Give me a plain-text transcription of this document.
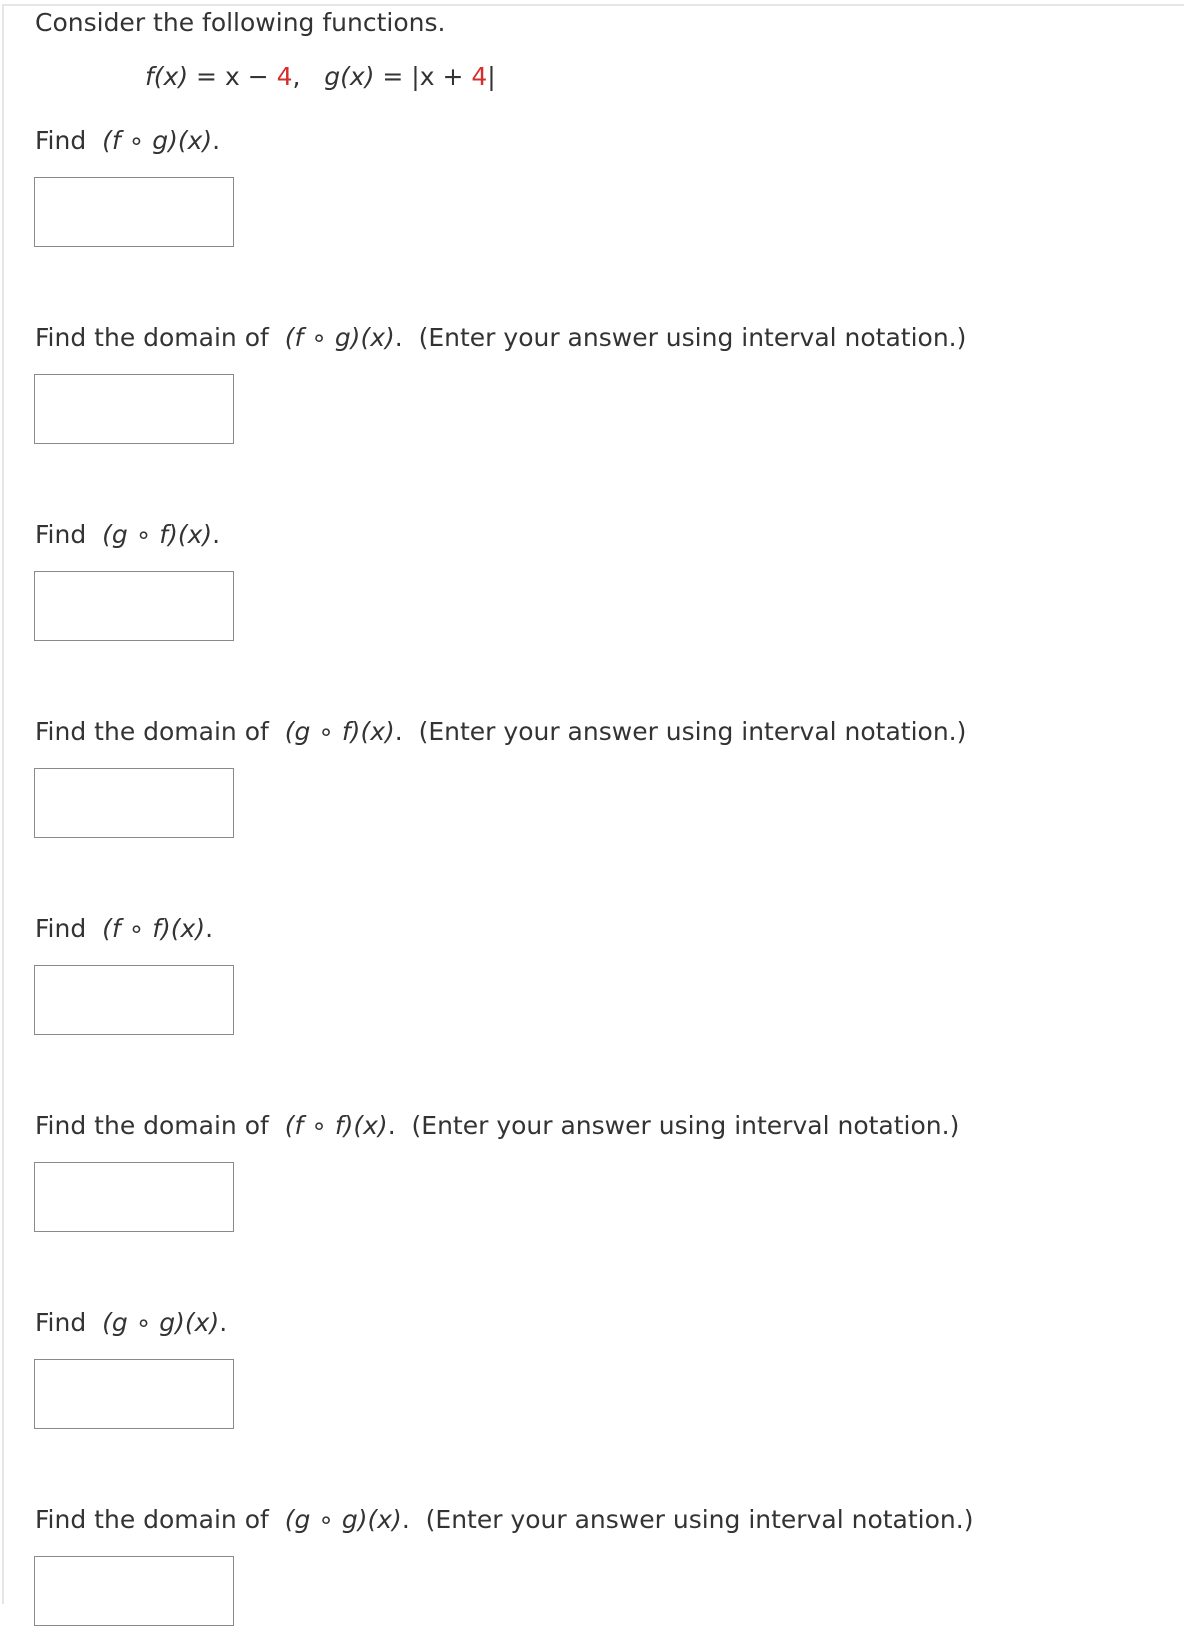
Consider the following functions.
f(x) = x − 4,   g(x) = |x + 4|
Find  (f ∘ g)(x).
Find the domain of  (f ∘ g)(x).  (Enter your answer using interval notation.)
Find  (g ∘ f)(x).
Find the domain of  (g ∘ f)(x).  (Enter your answer using interval notation.)
Find  (f ∘ f)(x).
Find the domain of  (f ∘ f)(x).  (Enter your answer using interval notation.)
Find  (g ∘ g)(x).
Find the domain of  (g ∘ g)(x).  (Enter your answer using interval notation.)
